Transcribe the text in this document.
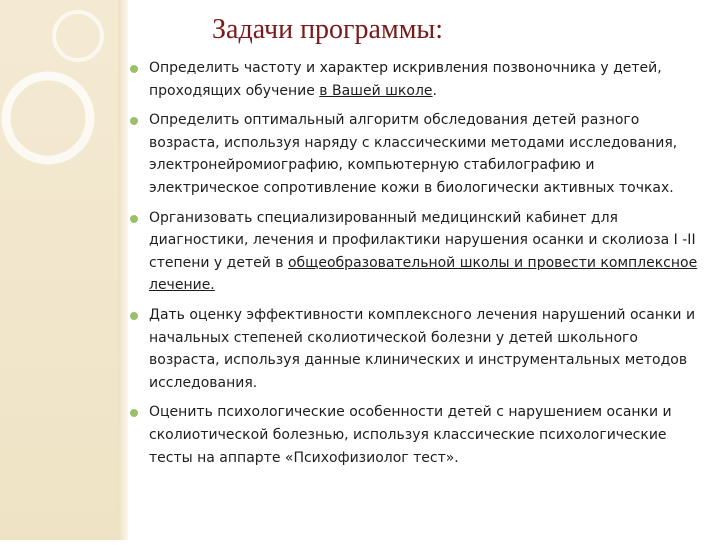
Задачи программы:
Определить частоту и характер искривления позвоночника у детей, проходящих обучение в Вашей школе.
Определить оптимальный алгоритм обследования детей разного возраста, используя наряду с классическими методами исследования, электронейромиографию, компьютерную стабилографию и электрическое сопротивление кожи в биологически активных точках.
Организовать специализированный медицинский кабинет для диагностики, лечения и профилактики нарушения осанки и сколиоза I -II степени у детей в общеобразовательной школы и провести комплексное лечение.
Дать оценку эффективности комплексного лечения нарушений осанки и начальных степеней сколиотической болезни у детей школьного возраста, используя данные клинических и инструментальных методов исследования.
Оценить психологические особенности детей с нарушением осанки и сколиотической болезнью, используя классические психологические тесты на аппарте «Психофизиолог тест».
